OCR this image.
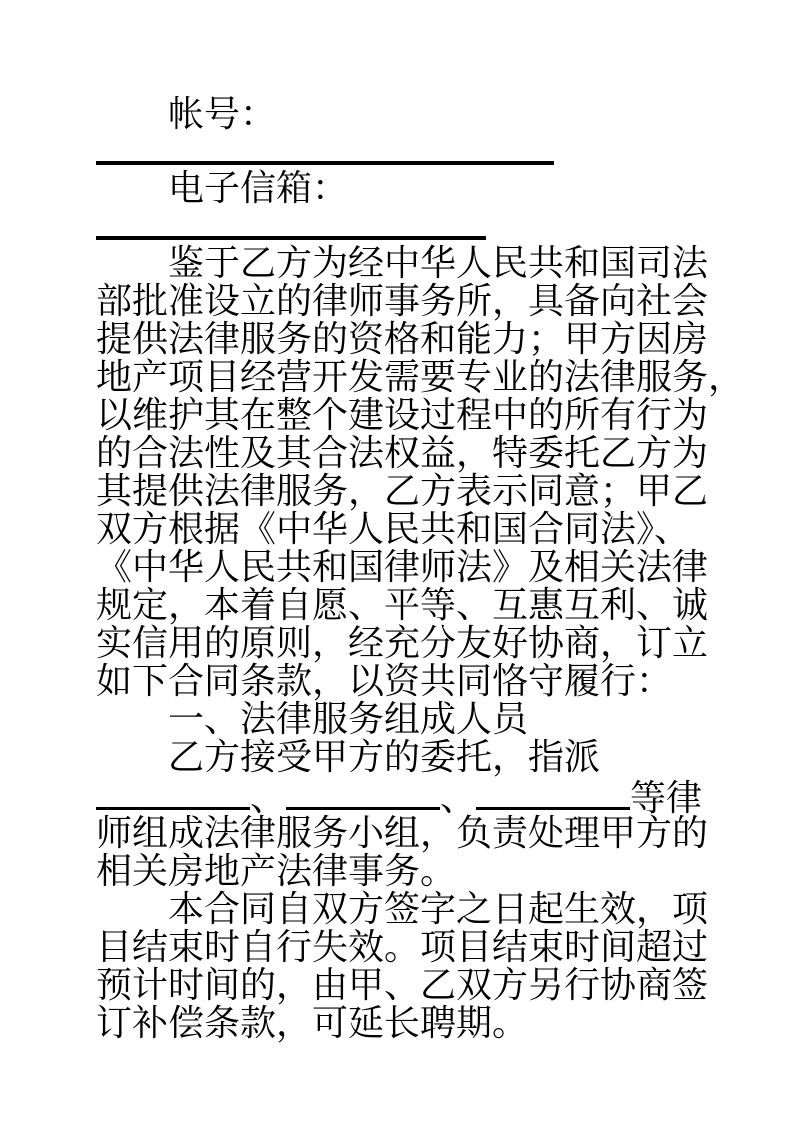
帐号：
电子信箱：
鉴于乙方为经中华人民共和国司法
部批准设立的律师事务所，具备向社会
提供法律服务的资格和能力；甲方因房
地产项目经营开发需要专业的法律服务，
以维护其在整个建设过程中的所有行为
的合法性及其合法权益，特委托乙方为
其提供法律服务，乙方表示同意；甲乙
双方根据《中华人民共和国合同法》、
《中华人民共和国律师法》及相关法律
规定，本着自愿、平等、互惠互利、诚
实信用的原则，经充分友好协商，订立
如下合同条款，以资共同恪守履行：
一、法律服务组成人员
乙方接受甲方的委托，指派
、	、	等律
师组成法律服务小组，负责处理甲方的
相关房地产法律事务。
本合同自双方签字之日起生效，项
目结束时自行失效。项目结束时间超过
预计时间的，由甲、乙双方另行协商签
订补偿条款，可延长聘期。
